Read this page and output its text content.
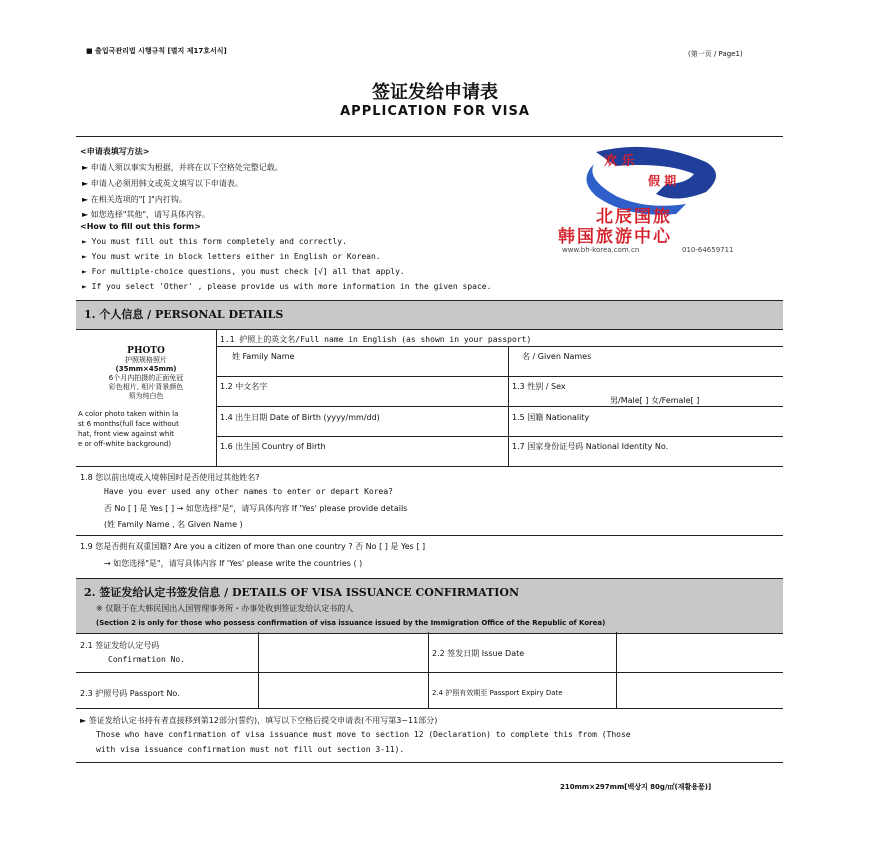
■ 출입국관리법 시행규칙 [별지 제17호서식]	(第一页 / Page1)
签证发给申请表
APPLICATION FOR VISA
<申请表填写方法>
► 申请人须以事实为根据，并将在以下空格处完整记载。
► 申请人必须用韩文或英文填写以下申请表。
► 在相关选项的"[ ]"内打钩。
► 如您选择"其他"，请写具体内容。
<How to fill out this form>
► You must fill out this form completely and correctly.
► You must write in block letters either in English or Korean.
► For multiple-choice questions, you must check [√] all that apply.
► If you select 'Other' , please provide us with more information in the given space.
欢 乐
假 期
北辰国旅
韩国旅游中心
www.bh-korea.com.cn	010-64659711
1. 个人信息 / PERSONAL DETAILS
PHOTO
护照规格照片
(35mm×45mm)
6个月内拍摄的正面免冠
彩色相片, 相片背景颜色
须为纯白色
A color photo taken within la
st 6 months(full face without
hat, front view against whit
e or off-white background)
1.1 护照上的英文名/Full name in English (as shown in your passport)
姓 Family Name	名 / Given Names
1.2 中文名字	1.3 性别 / Sex
男/Male[ ] 女/Female[ ]
1.4 出生日期 Date of Birth (yyyy/mm/dd)	1.5 国籍 Nationality
1.6 出生国 Country of Birth	1.7 国家身份证号码 National Identity No.
1.8 您以前出境或入境韩国时是否使用过其他姓名?
Have you ever used any other names to enter or depart Korea?
否 No [ ] 是 Yes [ ] → 如您选择"是"，请写具体内容 If 'Yes' please provide details
(姓 Family Name , 名 Given Name )
1.9 您是否拥有双重国籍? Are you a citizen of more than one country ? 否 No [ ] 是 Yes [ ]
→ 如您选择"是"，请写具体内容 If 'Yes' please write the countries ( )
2. 签证发给认定书签发信息 / DETAILS OF VISA ISSUANCE CONFIRMATION
※ 仅限于在大韩民国出入国管理事务所・办事处收到签证发给认定书的人
(Section 2 is only for those who possess confirmation of visa issuance issued by the Immigration Office of the Republic of Korea)
2.1 签证发给认定号码
Confirmation No.
2.2 签发日期 Issue Date
2.3 护照号码 Passport No.	2.4 护照有效期至 Passport Expiry Date
► 签证发给认定书持有者直接移到第12部分(誓约)，填写以下空格后提交申请表(不用写第3~11部分)
Those who have confirmation of visa issuance must move to section 12 (Declaration) to complete this from (Those
with visa issuance confirmation must not fill out section 3-11).
210mm×297mm[백상지 80g/㎡(재활용품)]
